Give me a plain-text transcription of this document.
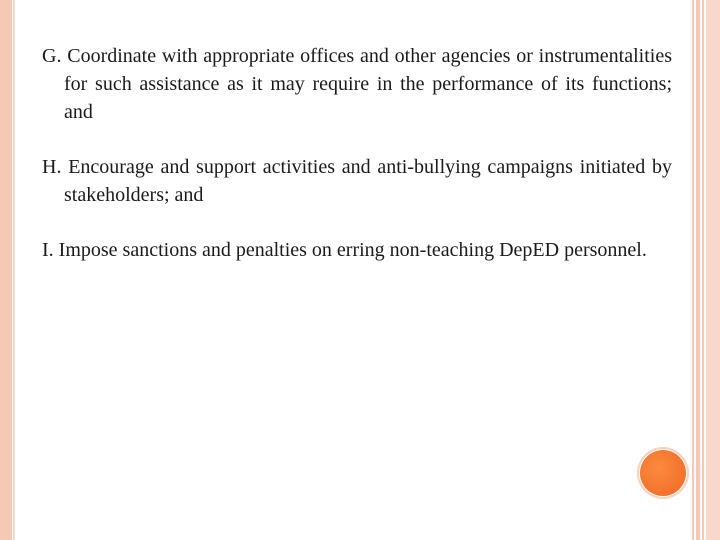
G. Coordinate with appropriate offices and other agencies or instrumentalities for such assistance as it may require in the performance of its functions; and

H. Encourage and support activities and anti-bullying campaigns initiated by stakeholders; and

I. Impose sanctions and penalties on erring non-teaching DepED personnel.
